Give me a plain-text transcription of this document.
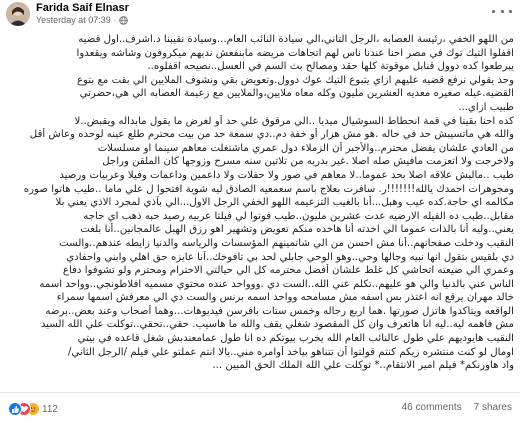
Farida Saif Elnasr
Yesterday at 07:39 ·

من اللهو الخفي ،رئيسة العصابه ،الرجل التاني،الي سيادة النائب العام...وسيادة نقيبنا د.اشرف..اول قضيه

اقفلوا التيك توك في مصر احنا عندنا ناس لهم اتجاهات مريضه مابنفعش نديهم ميكروفون وشاشه ويقعدوا

يبرطعوا كده دوول قنابل موقوتة كلها حقد ومصالح بث السم في العسل..نصيحه اقفلوه..

وحد يقولي نرفع قضيه عليهم ازاي يتبوع التيك عوك دوول.وتعويض بقي ونشوف الملايين الي بقت مع بتوع

القضيه.عيله صغيره معديه العشرين مليون وكله معاه ملايين،والملايين مع زعيمة العصابه الي هي،حضرتي

طبيب ازاي...

كده احنا بقينا في قمة انحطاط السوشيال ميديا ..الي مرقوق علي حد أو لغرض ما يقول مابداله ويقبض..لا

والله هي ماتسيبش حد في حاله .هو مش هزار أو خفة دم..دي سمعة حد من بيت محترم طلع عينه لوحده وعاش أقل

من العادي علشان يفضل محترم..والأجبر أن الزملاء دول عمري ماشتغلت معاهم سينما او مسلسلات

ولاخرجت ولا اتعزمت مافيش صله اصلا .غير بدريه من تلاتين سنه مسرح وزوجها كان الملقن وراجل

طيب ..مالبش علاقه اصلا بحد عموما..لا معاهم في صور ولا حفلات ولا داعمين وداعمات وفيلا وعربيات ورصيد

ومجوهرات احمدك يالله!!!!!!!ر. سافرت بعلاج باسم سعمعيه الصادق ليه شوية افتحوا ل علي ماما ..طيب هاتوا صوره

مكالمه اي حاجة.كده عيب وهبل...أنا بالغيب التزعيمه اللهو الخفي الرجل الاول...الي بآذي لمجرد الاذي يعني بلا

مقابل..طيب ده الفيله الارضيه عدت عشرين مليون..طيب فوتوا لي فيلتا عربيه رصيد حبه ذهب اي حاجه

يعني..وليه أنا بالذات عموما الي اخدته أنا هاخده منكم تعويض وتشهير اهو رزق الهبل عالمجانين..أنا بلغت

النقيب ودخلت صفحاتهم..أنا مش احسن من الي شاتمينهم المؤسسات والرياسه والدنيا زايطه عندهم..والست

دي بلقيس بتقول انها نبيه وجالها وحي..وهو الوحي جابلي لحد بي تافوخك..آنا عايزه حق اهلي وابني واحفادي

وعمري الي ضيعته اتحاشي كل غلط علشان أفضل محترمه كل الي حيالتي الاحترام ومحترم ولو تشوفوا دفاع

الناس عني بالدنيا والي هو عليهم..تكلم عني الله..الست دي .ووواحد عنده محتوي مسميه افلاطونجي..وواحد اسمه

خالد مهران يرقع انه اعتذر بس اسفه مش مسامحه وواحد اسمه برنس والست دي الي معرفش اسمها سمراء

الواقعه ويتاكدوا هاتزل صورتها .هما اربع رجاله وخمس ستات بافرسن فيديوهات...وهما أصحاب وعند بعض..برضه

مش فاهمه ليه..ليه انا هاتعرف وان كل المقصود شغلي يقف والله ما هاسيب. حقي..تحقي..توكلت علي الله السيد

النقيب هايوديهم علي طول عالنائب العام الله يخرب بيوتكم ده انا طول عمامعندبش شغل قاعده في بيتي

اومال لو كنت منتشره زيكم كنتم قولتوا أن تتناهو بياخد أوامره مني..يالا انتم عملتو علي فيلم /الرجل الثاني/

واد هاورنكم* فيلم امير الانتقام..* توكلت علي الله الملك الحق المبين ...

112	46 comments 7 shares
